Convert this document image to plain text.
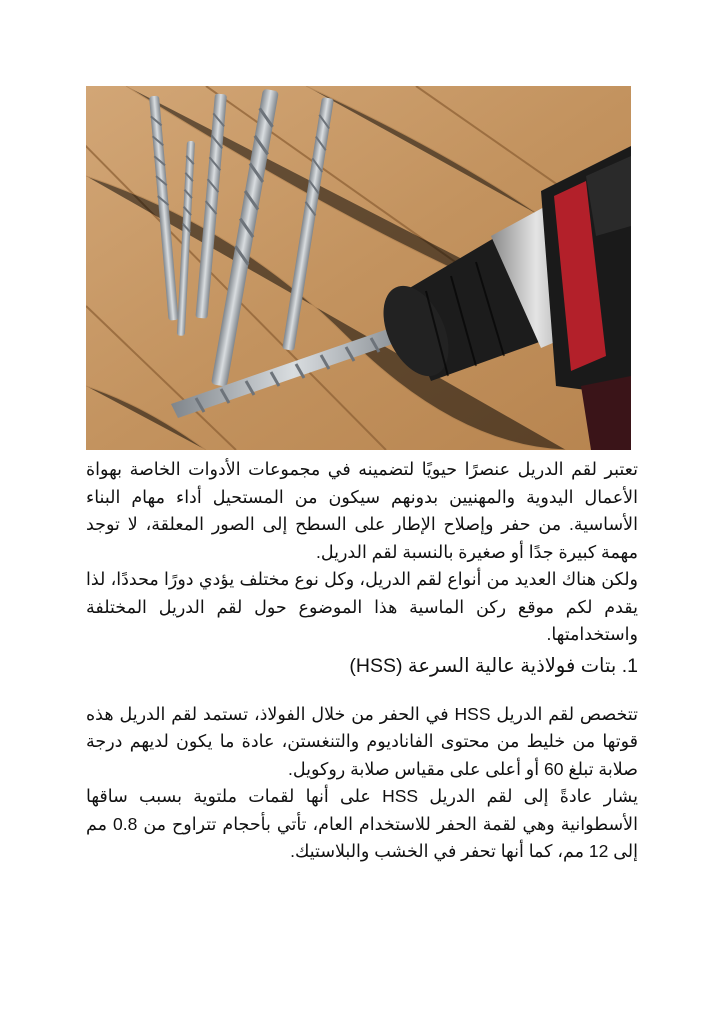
تعتبر لقم الدريل عنصرًا حيويًا لتضمينه في مجموعات الأدوات الخاصة بهواة الأعمال اليدوية والمهنيين بدونهم سيكون من المستحيل أداء مهام البناء الأساسية. من حفر وإصلاح الإطار على السطح إلى الصور المعلقة، لا توجد مهمة كبيرة جدًا أو صغيرة بالنسبة لقم الدريل.

ولكن هناك العديد من أنواع لقم الدريل، وكل نوع مختلف يؤدي دورًا محددًا، لذا يقدم لكم موقع ركن الماسية هذا الموضوع حول لقم الدريل المختلفة واستخدامتها.

1. بتات فولاذية عالية السرعة (HSS)

تتخصص لقم الدريل HSS في الحفر من خلال الفولاذ، تستمد لقم الدريل هذه قوتها من خليط من محتوى الفاناديوم والتنغستن، عادة ما يكون لديهم درجة صلابة تبلغ 60 أو أعلى على مقياس صلابة روكويل.

يشار عادةً إلى لقم الدريل HSS على أنها لقمات ملتوية بسبب ساقها الأسطوانية وهي لقمة الحفر للاستخدام العام، تأتي بأحجام تتراوح من 0.8 مم إلى 12 مم، كما أنها تحفر في الخشب والبلاستيك.
